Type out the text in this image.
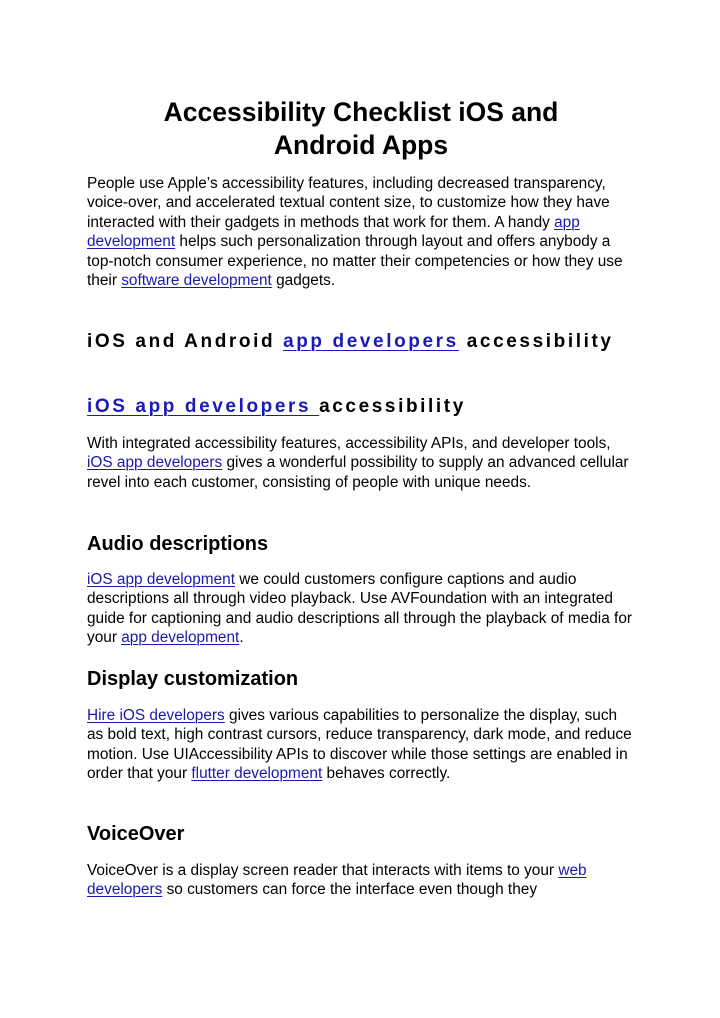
Accessibility Checklist iOS and
Android Apps

People use Apple’s accessibility features, including decreased transparency, voice-over, and accelerated textual content size, to customize how they have interacted with their gadgets in methods that work for them. A handy app development helps such personalization through layout and offers anybody a top-notch consumer experience, no matter their competencies or how they use their software development gadgets.

iOS and Android app developers accessibility
iOS app developers accessibility

With integrated accessibility features, accessibility APIs, and developer tools, iOS app developers gives a wonderful possibility to supply an advanced cellular revel into each customer, consisting of people with unique needs.

Audio descriptions

iOS app development we could customers configure captions and audio descriptions all through video playback. Use AVFoundation with an integrated guide for captioning and audio descriptions all through the playback of media for your app development.

Display customization

Hire iOS developers gives various capabilities to personalize the display, such as bold text, high contrast cursors, reduce transparency, dark mode, and reduce motion. Use UIAccessibility APIs to discover while those settings are enabled in order that your flutter development behaves correctly.

VoiceOver

VoiceOver is a display screen reader that interacts with items to your web developers so customers can force the interface even though they
